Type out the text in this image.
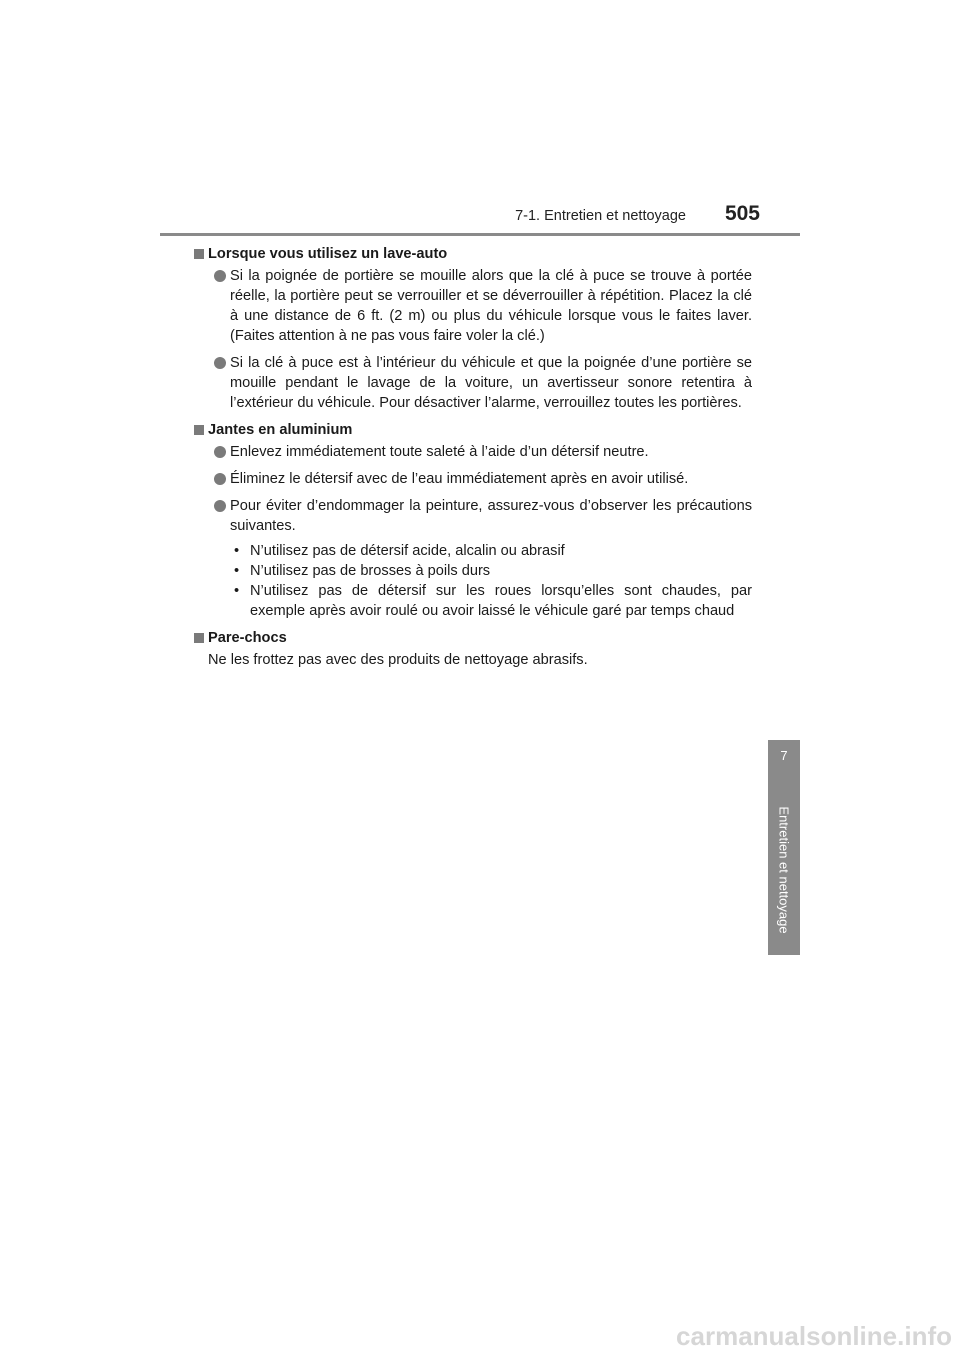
7-1. Entretien et nettoyage 505
Lorsque vous utilisez un lave-auto
Si la poignée de portière se mouille alors que la clé à puce se trouve à portée réelle, la portière peut se verrouiller et se déverrouiller à répétition. Placez la clé à une distance de 6 ft. (2 m) ou plus du véhicule lorsque vous le faites laver. (Faites attention à ne pas vous faire voler la clé.)
Si la clé à puce est à l’intérieur du véhicule et que la poignée d’une portière se mouille pendant le lavage de la voiture, un avertisseur sonore retentira à l’extérieur du véhicule. Pour désactiver l’alarme, verrouillez toutes les portières.
Jantes en aluminium
Enlevez immédiatement toute saleté à l’aide d’un détersif neutre.
Éliminez le détersif avec de l’eau immédiatement après en avoir utilisé.
Pour éviter d’endommager la peinture, assurez-vous d’observer les précautions suivantes.
• N’utilisez pas de détersif acide, alcalin ou abrasif
• N’utilisez pas de brosses à poils durs
• N’utilisez pas de détersif sur les roues lorsqu’elles sont chaudes, par exemple après avoir roulé ou avoir laissé le véhicule garé par temps chaud
Pare-chocs
Ne les frottez pas avec des produits de nettoyage abrasifs.
7
Entretien et nettoyage
carmanualsonline.info
